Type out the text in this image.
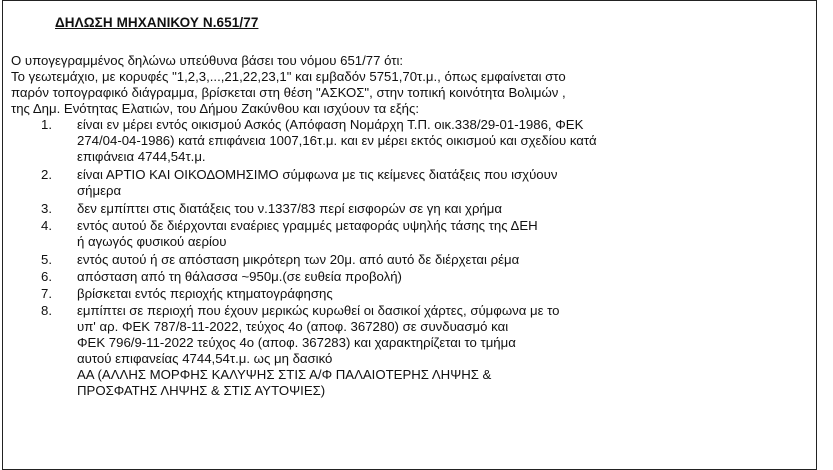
ΔΗΛΩΣΗ ΜΗΧΑΝΙΚΟΥ Ν.651/77
Ο υπογεγραμμένος δηλώνω υπεύθυνα βάσει του νόμου 651/77 ότι:
Το γεωτεμάχιο, με κορυφές "1,2,3,...,21,22,23,1" και εμβαδόν 5751,70τ.μ., όπως εμφαίνεται στο
παρόν τοπογραφικό διάγραμμα, βρίσκεται στη θέση "ΑΣΚΟΣ", στην τοπική κοινότητα Βολιμών ,
της Δημ. Ενότητας Ελατιών, του Δήμου Ζακύνθου και ισχύουν τα εξής:
1. είναι εν μέρει εντός οικισμού Ασκός (Απόφαση Νομάρχη Τ.Π. οικ.338/29-01-1986, ΦΕΚ
274/04-04-1986) κατά επιφάνεια 1007,16τ.μ. και εν μέρει εκτός οικισμού και σχεδίου κατά
επιφάνεια 4744,54τ.μ.
2. είναι ΑΡΤΙΟ ΚΑΙ ΟΙΚΟΔΟΜΗΣΙΜΟ σύμφωνα με τις κείμενες διατάξεις που ισχύουν
σήμερα
3. δεν εμπίπτει στις διατάξεις του ν.1337/83 περί εισφορών σε γη και χρήμα
4. εντός αυτού δε διέρχονται εναέριες γραμμές μεταφοράς υψηλής τάσης της ΔΕΗ
ή αγωγός φυσικού αερίου
5. εντός αυτού ή σε απόσταση μικρότερη των 20μ. από αυτό δε διέρχεται ρέμα
6. απόσταση από τη θάλασσα ~950μ.(σε ευθεία προβολή)
7. βρίσκεται εντός περιοχής κτηματογράφησης
8. εμπίπτει σε περιοχή που έχουν μερικώς κυρωθεί οι δασικοί χάρτες, σύμφωνα με το
υπ' αρ. ΦΕΚ 787/8-11-2022, τεύχος 4ο (αποφ. 367280) σε συνδυασμό και
ΦΕΚ 796/9-11-2022 τεύχος 4ο (αποφ. 367283) και χαρακτηρίζεται το τμήμα
αυτού επιφανείας 4744,54τ.μ. ως μη δασικό
ΑΑ (ΑΛΛΗΣ ΜΟΡΦΗΣ ΚΑΛΥΨΗΣ ΣΤΙΣ Α/Φ ΠΑΛΑΙΟΤΕΡΗΣ ΛΗΨΗΣ &
ΠΡΟΣΦΑΤΗΣ ΛΗΨΗΣ & ΣΤΙΣ ΑΥΤΟΨΙΕΣ)
